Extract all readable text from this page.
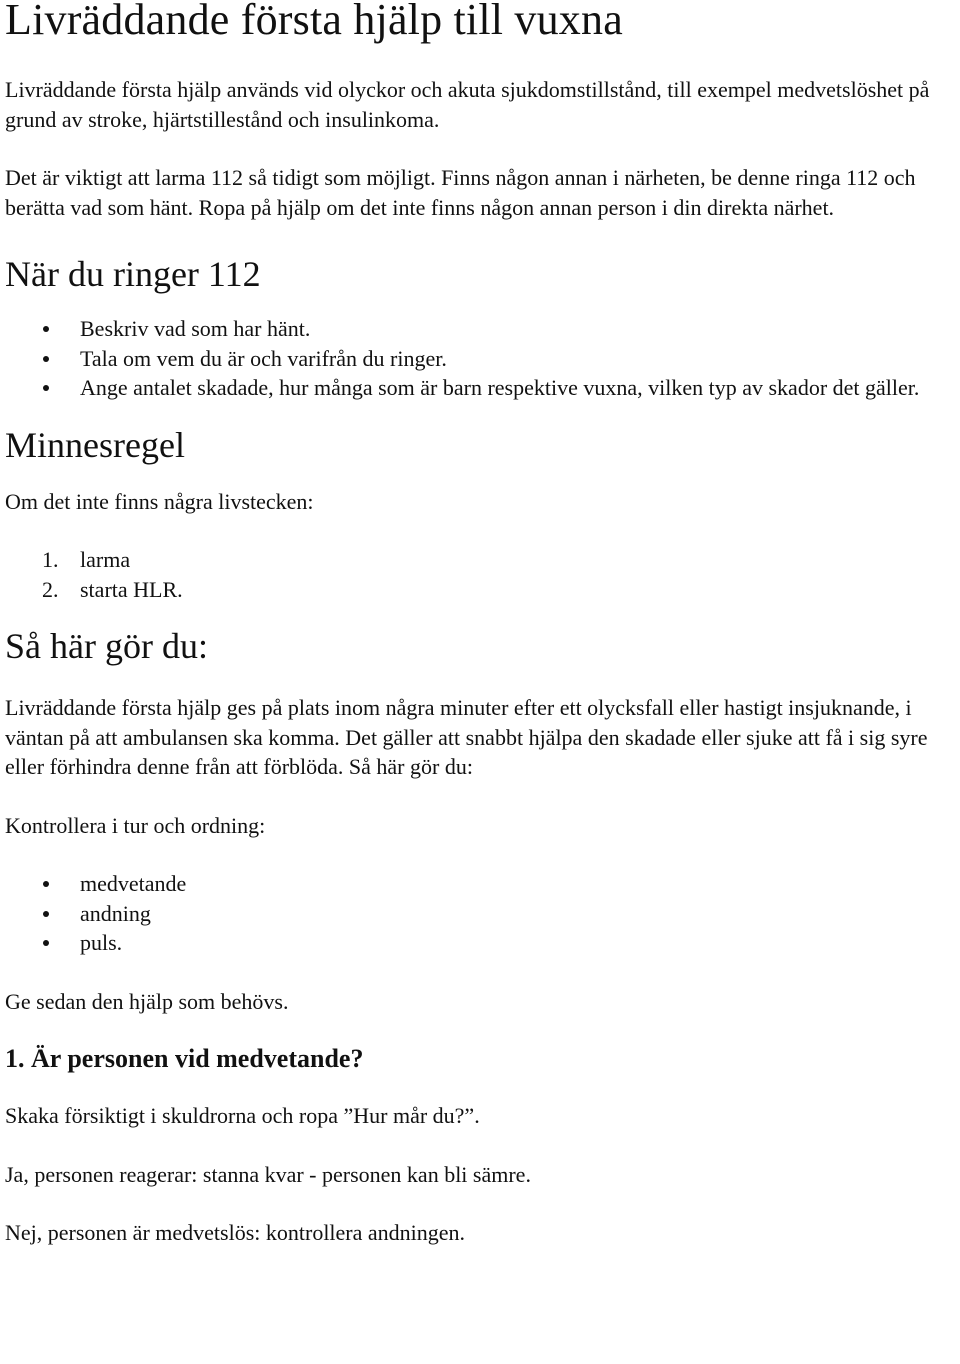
Livräddande första hjälp till vuxna

Livräddande första hjälp används vid olyckor och akuta sjukdomstillstånd, till exempel medvetslöshet på grund av stroke, hjärtstillestånd och insulinkoma.

Det är viktigt att larma 112 så tidigt som möjligt. Finns någon annan i närheten, be denne ringa 112 och berätta vad som hänt. Ropa på hjälp om det inte finns någon annan person i din direkta närhet.

När du ringer 112
Beskriv vad som har hänt.
Tala om vem du är och varifrån du ringer.
Ange antalet skadade, hur många som är barn respektive vuxna, vilken typ av skador det gäller.
Minnesregel

Om det inte finns några livstecken:

1. larma
2. starta HLR.
Så här gör du:

Livräddande första hjälp ges på plats inom några minuter efter ett olycksfall eller hastigt insjuknande, i väntan på att ambulansen ska komma. Det gäller att snabbt hjälpa den skadade eller sjuke att få i sig syre eller förhindra denne från att förblöda. Så här gör du:

Kontrollera i tur och ordning:

medvetande
andning
puls.

Ge sedan den hjälp som behövs.

1. Är personen vid medvetande?

Skaka försiktigt i skuldrorna och ropa ”Hur mår du?”.

Ja, personen reagerar: stanna kvar - personen kan bli sämre.

Nej, personen är medvetslös: kontrollera andningen.
